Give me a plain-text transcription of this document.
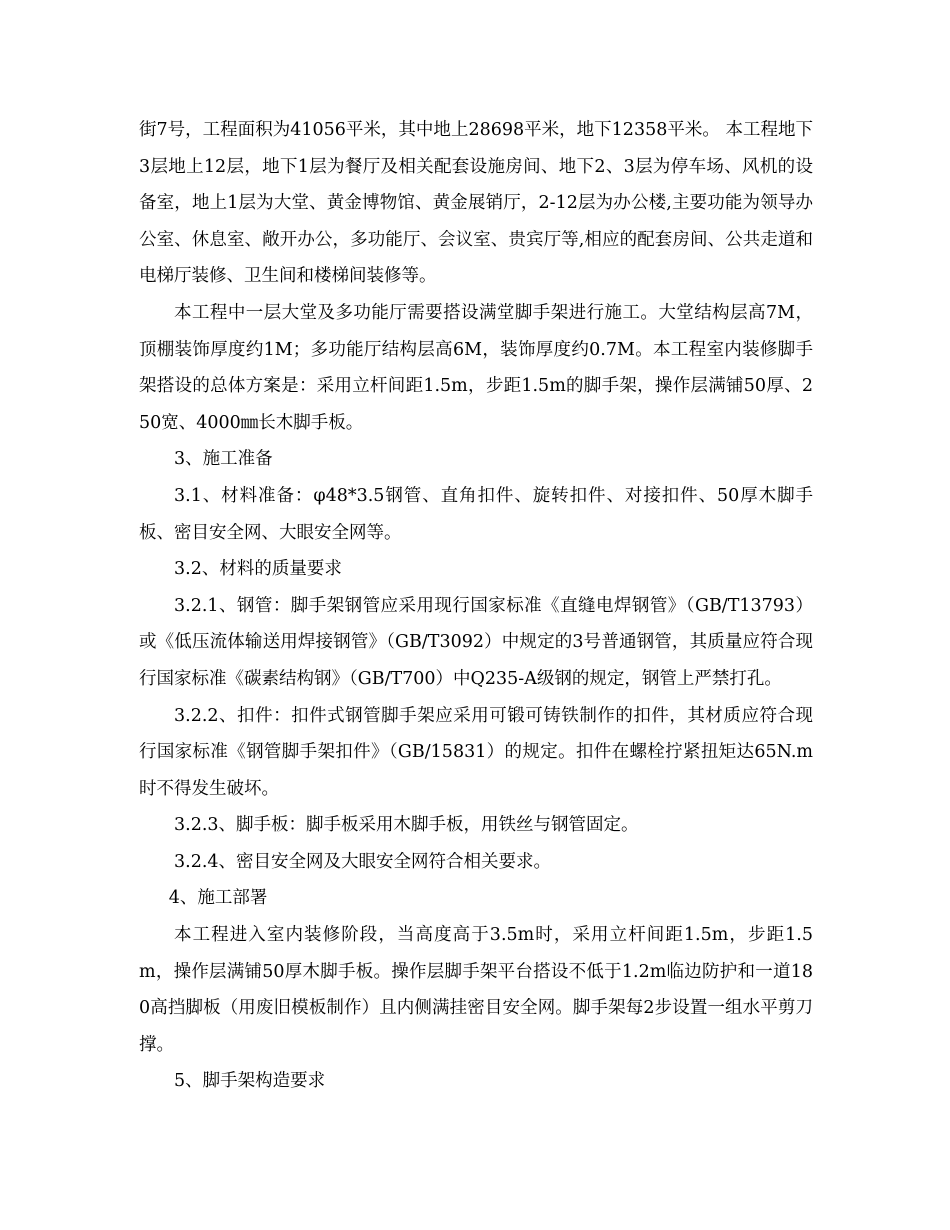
街7号，工程面积为41056平米，其中地上28698平米，地下12358平米。 本工程地下3层地上12层，地下1层为餐厅及相关配套设施房间、地下2、3层为停车场、风机的设备室，地上1层为大堂、黄金博物馆、黄金展销厅，2-12层为办公楼,主要功能为领导办公室、休息室、敞开办公，多功能厅、会议室、贵宾厅等,相应的配套房间、公共走道和电梯厅装修、卫生间和楼梯间装修等。

本工程中一层大堂及多功能厅需要搭设满堂脚手架进行施工。大堂结构层高7M，顶棚装饰厚度约1M；多功能厅结构层高6M，装饰厚度约0.7M。本工程室内装修脚手架搭设的总体方案是：采用立杆间距1.5m，步距1.5m的脚手架，操作层满铺50厚、250宽、4000㎜长木脚手板。

3、施工准备

3.1、材料准备：φ48*3.5钢管、直角扣件、旋转扣件、对接扣件、50厚木脚手板、密目安全网、大眼安全网等。

3.2、材料的质量要求

3.2.1、钢管：脚手架钢管应采用现行国家标准《直缝电焊钢管》（GB/T13793）或《低压流体输送用焊接钢管》（GB/T3092）中规定的3号普通钢管，其质量应符合现行国家标准《碳素结构钢》（GB/T700）中Q235-A级钢的规定，钢管上严禁打孔。

3.2.2、扣件：扣件式钢管脚手架应采用可锻可铸铁制作的扣件，其材质应符合现行国家标准《钢管脚手架扣件》（GB/15831）的规定。扣件在螺栓拧紧扭矩达65N.m时不得发生破坏。

3.2.3、脚手板：脚手板采用木脚手板，用铁丝与钢管固定。

3.2.4、密目安全网及大眼安全网符合相关要求。

4、施工部署

本工程进入室内装修阶段，当高度高于3.5m时，采用立杆间距1.5m，步距1.5m，操作层满铺50厚木脚手板。操作层脚手架平台搭设不低于1.2m临边防护和一道180高挡脚板（用废旧模板制作）且内侧满挂密目安全网。脚手架每2步设置一组水平剪刀撑。

5、脚手架构造要求
